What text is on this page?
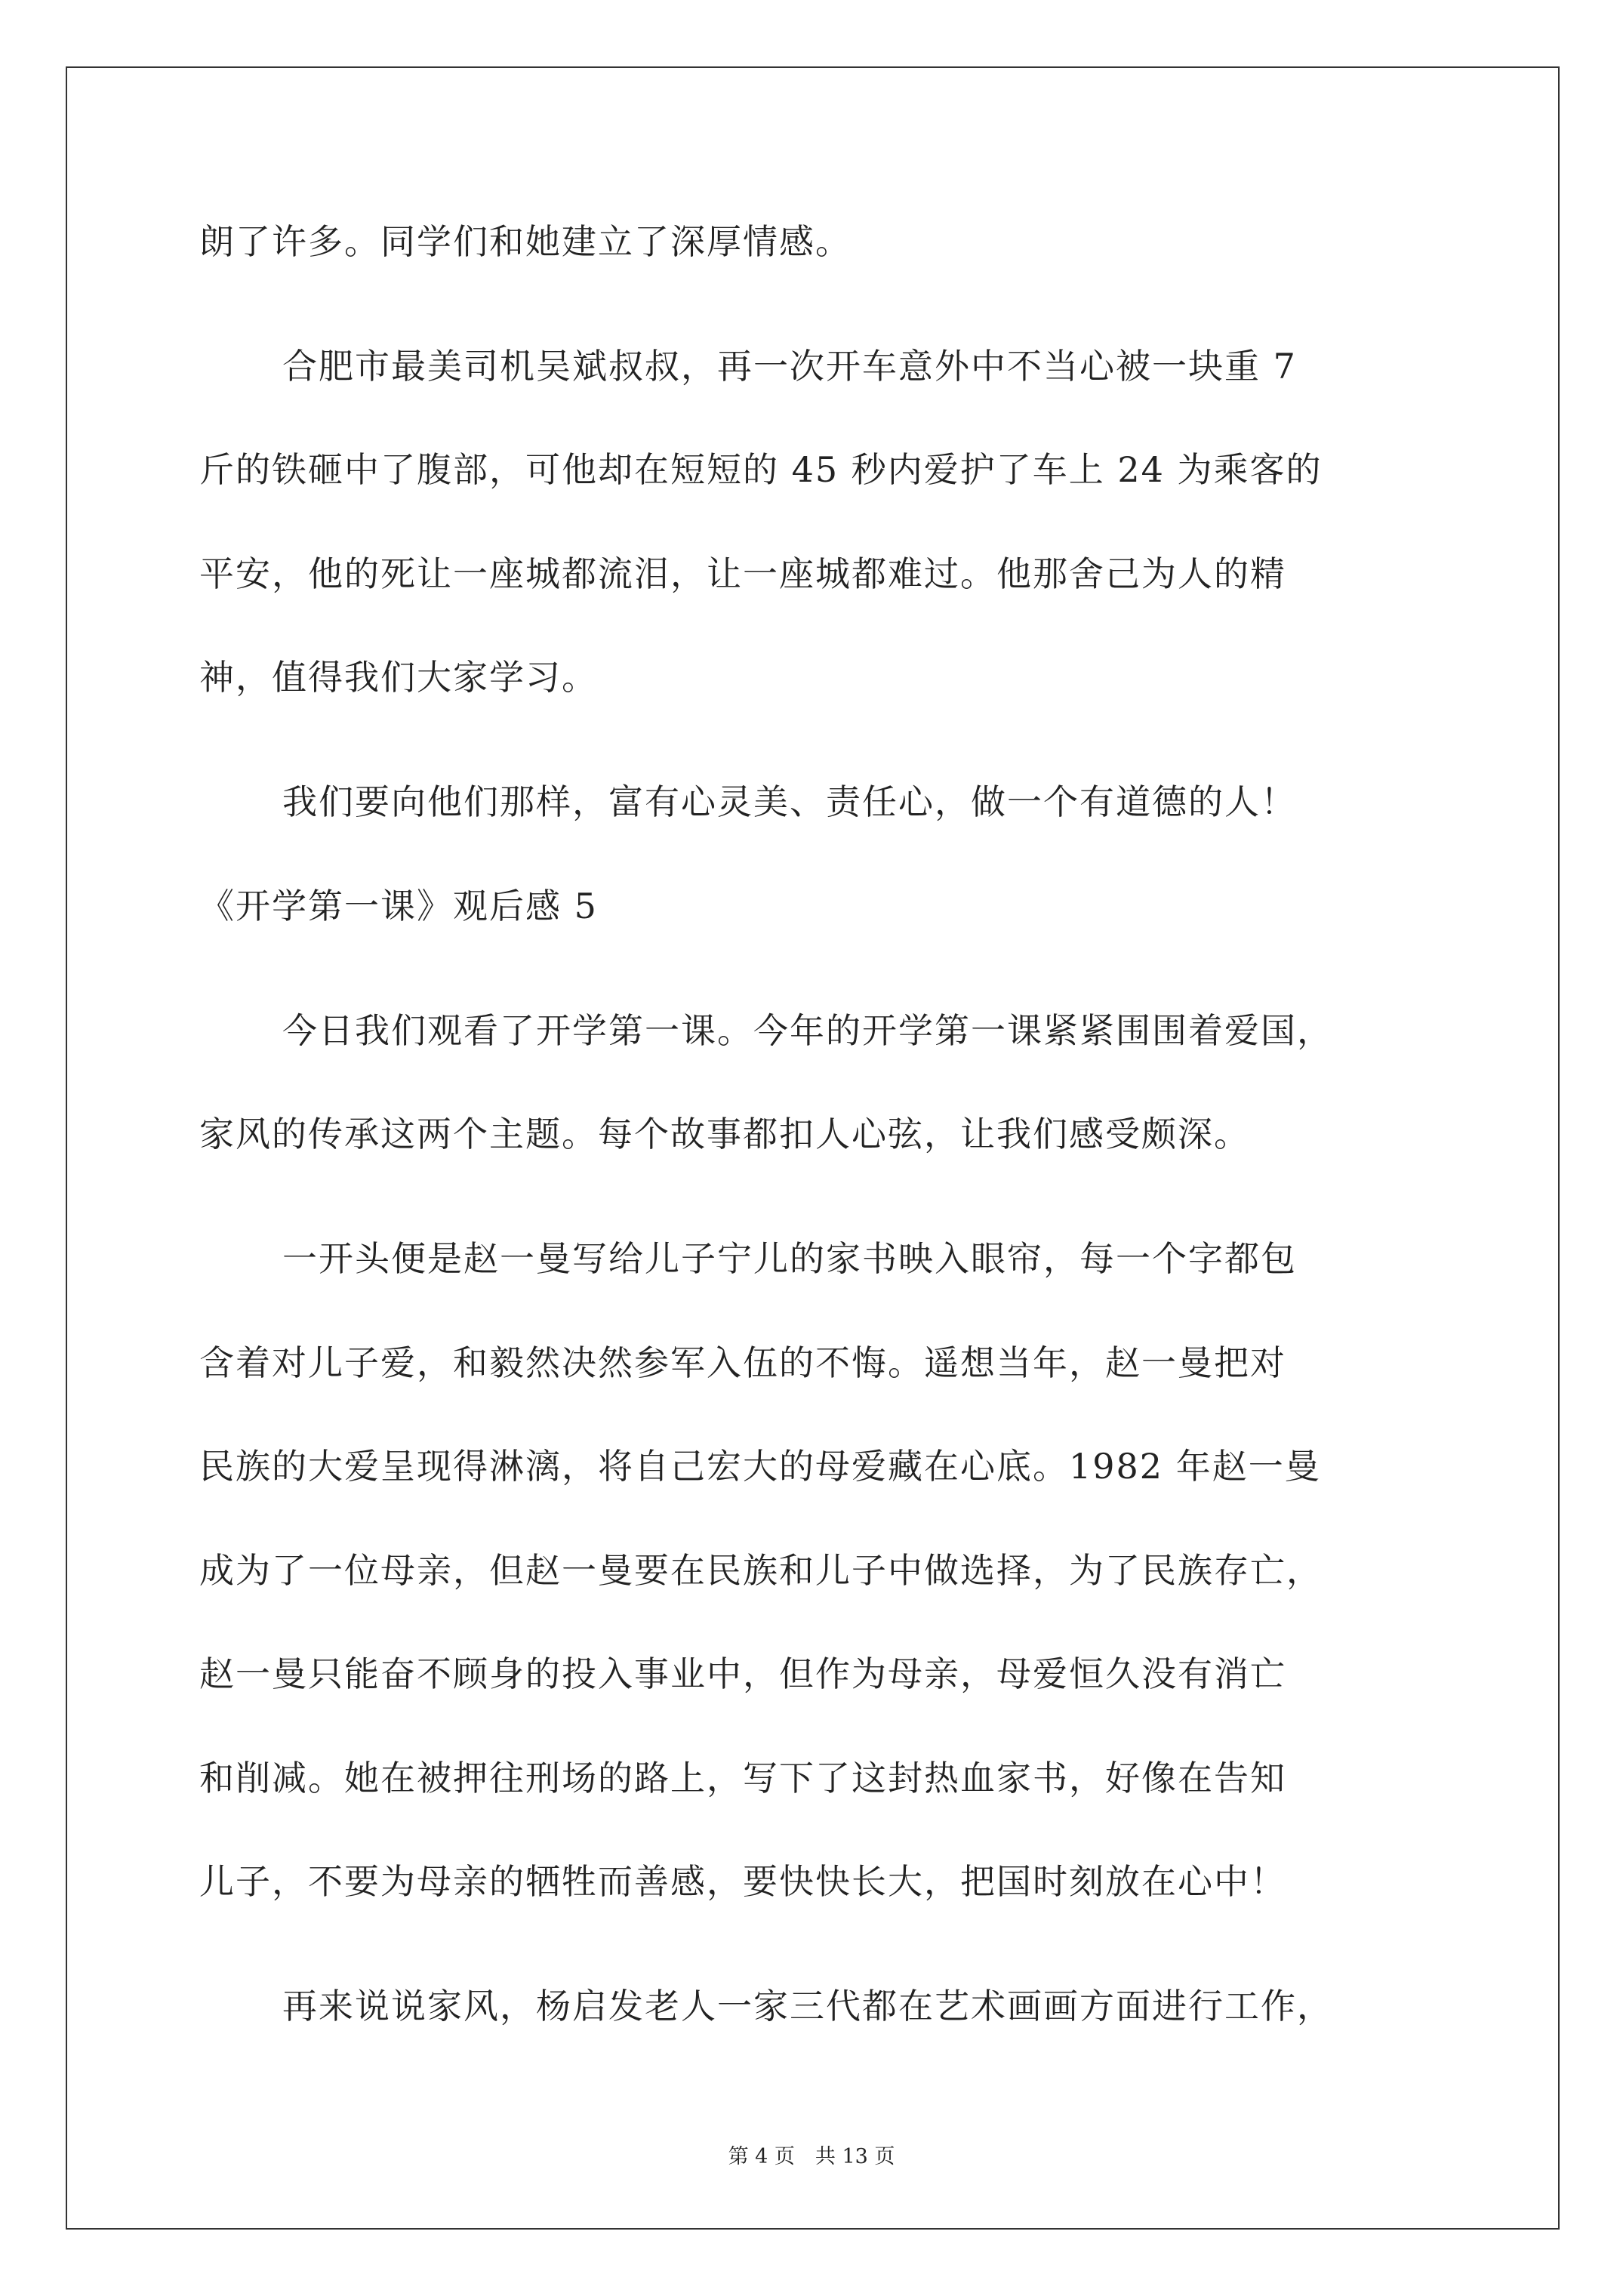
朗了许多。同学们和她建立了深厚情感。
合肥市最美司机吴斌叔叔，再一次开车意外中不当心被一块重 7
斤的铁砸中了腹部，可他却在短短的 45 秒内爱护了车上 24 为乘客的
平安，他的死让一座城都流泪，让一座城都难过。他那舍己为人的精
神，值得我们大家学习。
我们要向他们那样，富有心灵美、责任心，做一个有道德的人！
《开学第一课》观后感 5
今日我们观看了开学第一课。今年的开学第一课紧紧围围着爱国，
家风的传承这两个主题。每个故事都扣人心弦，让我们感受颇深。
一开头便是赵一曼写给儿子宁儿的家书映入眼帘，每一个字都包
含着对儿子爱，和毅然决然参军入伍的不悔。遥想当年，赵一曼把对
民族的大爱呈现得淋漓，将自己宏大的母爱藏在心底。1982 年赵一曼
成为了一位母亲，但赵一曼要在民族和儿子中做选择，为了民族存亡，
赵一曼只能奋不顾身的投入事业中，但作为母亲，母爱恒久没有消亡
和削减。她在被押往刑场的路上，写下了这封热血家书，好像在告知
儿子，不要为母亲的牺牲而善感，要快快长大，把国时刻放在心中！
再来说说家风，杨启发老人一家三代都在艺术画画方面进行工作，
第 4 页　共 13 页
